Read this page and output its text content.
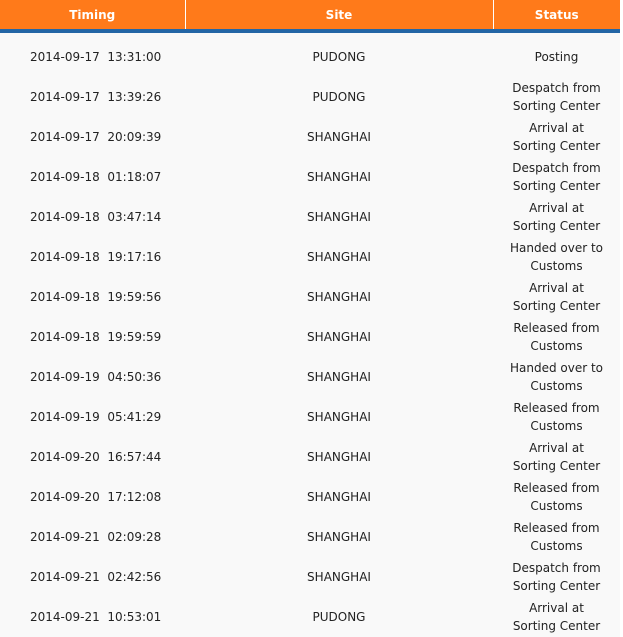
Timing	Site	Status

2014-09-17 13:31:00	PUDONG	Posting

2014-09-17 13:39:26	PUDONG	Despatch from Sorting Center

2014-09-17 20:09:39	SHANGHAI	Arrival at Sorting Center

2014-09-18 01:18:07	SHANGHAI	Despatch from Sorting Center

2014-09-18 03:47:14	SHANGHAI	Arrival at Sorting Center

2014-09-18 19:17:16	SHANGHAI	Handed over to Customs

2014-09-18 19:59:56	SHANGHAI	Arrival at Sorting Center

2014-09-18 19:59:59	SHANGHAI	Released from Customs

2014-09-19 04:50:36	SHANGHAI	Handed over to Customs

2014-09-19 05:41:29	SHANGHAI	Released from Customs

2014-09-20 16:57:44	SHANGHAI	Arrival at Sorting Center

2014-09-20 17:12:08	SHANGHAI	Released from Customs

2014-09-21 02:09:28	SHANGHAI	Released from Customs

2014-09-21 02:42:56	SHANGHAI	Despatch from Sorting Center

2014-09-21 10:53:01	PUDONG	Arrival at Sorting Center
